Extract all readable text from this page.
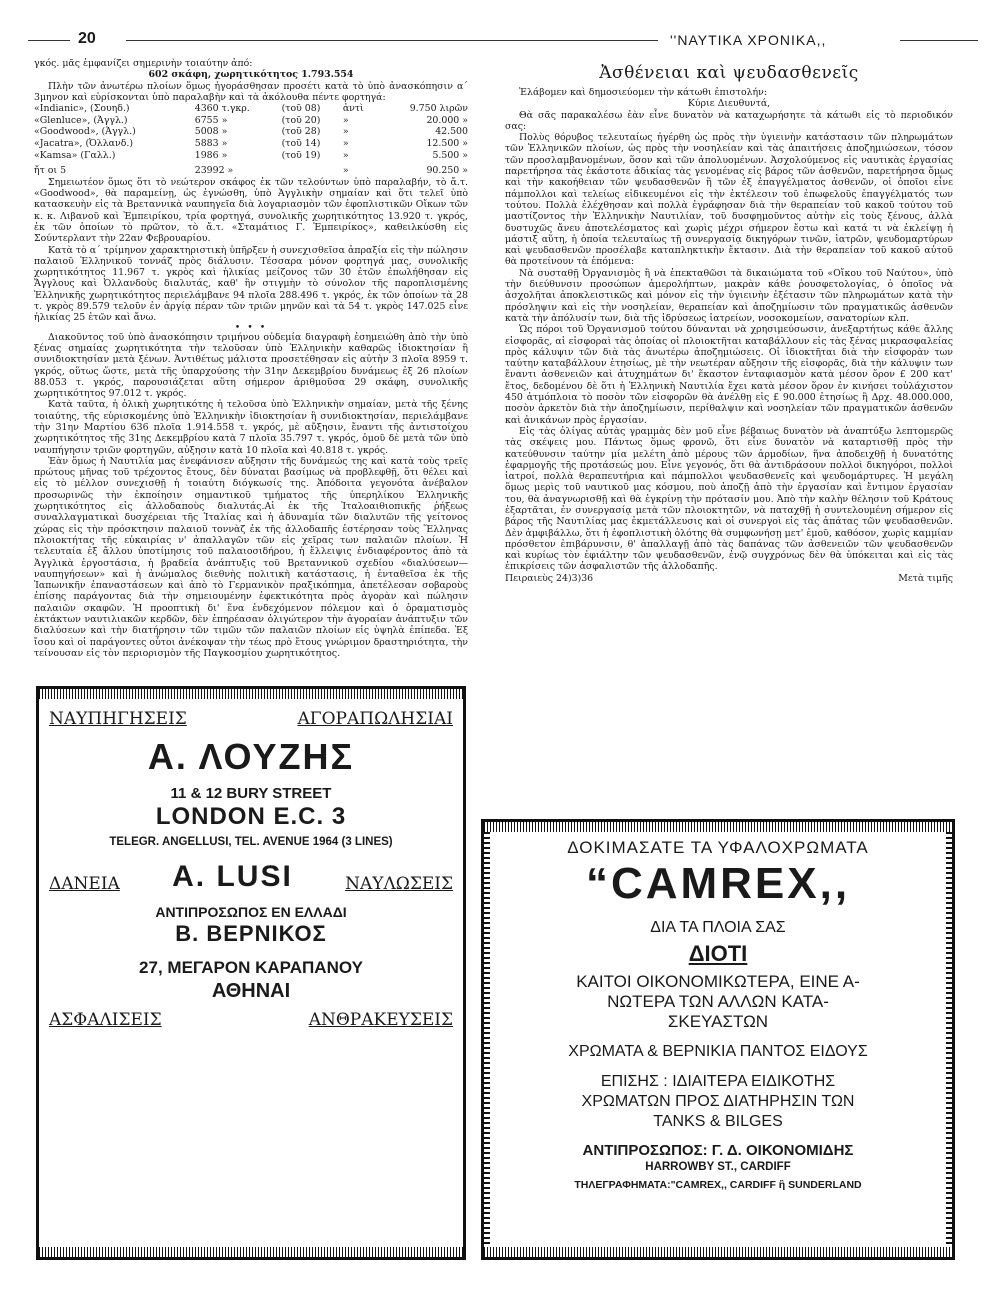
20	''ΝΑΥΤΙΚΑ ΧΡΟΝΙΚΑ,,
γκός. μᾶς ἐμφανίζει σημερινὴν τοιαύτην ἀπό:
602 σκάφη, χωρητικότητος 1.793.554

Πλὴν τῶν ἀνωτέρω πλοίων ὅμως ἠγοράσθησαν προσέτι κατὰ τὸ ὑπὸ ἀνασκόπησιν α΄ 3μηνον καὶ εὑρίσκονται ὑπὸ παραλαβὴν καὶ τὰ ἀκόλουθα πέντε φορτηγά:

«Indianic», (Σουηδ.)	4360 τ.γκρ.	(τοῦ 08)	ἀντὶ	9.750 λιρῶν
«Glenluce», (Ἀγγλ.)	6755 »	(τοῦ 20)	»	20.000 »
«Goodwood», (Ἀγγλ.)	5008 »	(τοῦ 28)	»	42.500
«Jacatra», (Ὀλλανδ.)	5883 »	(τοῦ 14)	»	12.500 »
«Kamsa» (Γαλλ.)	1986 »	(τοῦ 19)	»	5.500 »
ἤτ οι 5	23992 »		»	90.250 »

Σημειωτέον ὅμως ὅτι τὸ νεώτερον σκάφος ἐκ τῶν τελούντων ὑπὸ παραλαβήν, τὸ ἄ.τ. «Goodwood», θὰ παραμείνῃ, ὡς ἐγνώσθη, ὑπὸ Ἀγγλικὴν σημαίαν καὶ ὅτι τελεῖ ὑπὸ κατασκευὴν εἰς τὰ Βρεταννικὰ ναυπηγεῖα διὰ λογαριασμὸν τῶν ἐφοπλιστικῶν Οἴκων τῶν κ. κ. Λιβανοῦ καὶ Ἐμπειρίκου, τρία φορτηγά, συνολικῆς χωρητικότητος 13.920 τ. γκρός, ἐκ τῶν ὁποίων τὸ πρῶτον, τὸ ἄ.τ. «Σταμάτιος Γ. Ἐμπειρίκος», καθειλκύσθη εἰς Σούντερλαντ τὴν 22αν Φεβρουαρίου.

Κατὰ τὸ α΄ τρίμηνον χαρακτηριστικὴ ὑπῆρξεν ἡ συνεχισθεῖσα ἀπραξία εἰς τὴν πώλησιν παλαιοῦ Ἑλληνικοῦ τοννάζ πρὸς διάλυσιν. Τέσσαρα μόνον φορτηγά μας, συνολικῆς χωρητικότητος 11.967 τ. γκρὸς καὶ ἡλικίας μείζονος τῶν 30 ἐτῶν ἐπωλήθησαν εἰς Ἄγγλους καὶ Ὀλλανδοὺς διαλυτάς, καθ' ἣν στιγμὴν τὸ σύνολον τῆς παροπλισμένης Ἑλληνικῆς χωρητικότητος περιελάμβανε 94 πλοῖα 288.496 τ. γκρός, ἐκ τῶν ὁποίων τὰ 28 τ. γκρὸς 89.579 τελοῦν ἐν ἀργίᾳ πέραν τῶν τριῶν μηνῶν καὶ τὰ 54 τ. γκρὸς 147.025 εἶνε ἡλικίας 25 ἐτῶν καὶ ἄνω.

• • •

Διακοῦντος τοῦ ὑπὸ ἀνασκόπησιν τριμήνου οὐδεμία διαγραφὴ ἐσημειώθη ἀπὸ τὴν ὑπὸ ξένας σημαίας χωρητικότητα τὴν τελοῦσαν ὑπὸ Ἑλληνικὴν καθαρῶς ἰδιοκτησίαν ἢ συνιδιοκτησίαν μετὰ ξένων. Ἀντιθέτως μάλιστα προσετέθησαν εἰς αὐτὴν 3 πλοῖα 8959 τ. γκρός, οὕτως ὥστε, μετὰ τῆς ὑπαρχούσης τὴν 31ην Δεκεμβρίου δυνάμεως ἐξ 26 πλοίων 88.053 τ. γκρός, παρουσιάζεται αὕτη σήμερον ἀριθμοῦσα 29 σκάφη, συνολικῆς χωρητικότητος 97.012 τ. γκρός.

Κατὰ ταῦτα, ἡ ὁλικὴ χωρητικότης ἡ τελοῦσα ὑπὸ Ἑλληνικὴν σημαίαν, μετὰ τῆς ξένης τοιαύτης, τῆς εὑρισκομένης ὑπὸ Ἑλληνικὴν ἰδιοκτησίαν ἢ συνιδιοκτησίαν, περιελάμβανε τὴν 31ην Μαρτίου 636 πλοῖα 1.914.558 τ. γκρός, μὲ αὔξησιν, ἔναντι τῆς ἀντιστοίχου χωρητικότητος τῆς 31ης Δεκεμβρίου κατὰ 7 πλοῖα 35.797 τ. γκρός, ὁμοῦ δὲ μετὰ τῶν ὑπὸ ναυπήγησιν τριῶν φορτηγῶν, αὐξησιν κατὰ 10 πλοῖα καὶ 40.818 τ. γκρός.

Ἐὰν ὅμως ἡ Ναυτιλία μας ἐνεφάνισεν αὔξησιν τῆς δυνάμεώς της καὶ κατὰ τοὺς τρεῖς πρώτους μῆνας τοῦ τρέχοντος ἔτους, δὲν δύναται βασίμως νὰ προβλεφθῇ, ὅτι θέλει καὶ εἰς τὸ μέλλον συνεχισθῇ ἡ τοιαύτη διόγκωσίς της. Ἀπόδοιτα γεγονότα ἀνέβαλον προσωρινῶς τὴν ἐκποίησιν σημαντικοῦ τμήματος τῆς ὑπερηλίκου Ἑλληνικῆς χωρητικότητος εἰς ἀλλοδαποὺς διαλυτάς.Αἱ ἐκ τῆς Ἰταλοαιθιοπικῆς ῥήξεως συναλλαγματικαὶ δυσχέρειαι τῆς Ἰταλίας καὶ ἡ ἀδυναμία τῶν διαλυτῶν τῆς γείτονος χώρας εἰς τὴν πρόσκτησιν παλαιοῦ τοννὰζ ἐκ τῆς ἀλλοδαπῆς ἐστέρησαν τοὺς Ἕλληνας πλοιοκτήτας τῆς εὐκαιρίας ν' ἀπαλλαγῶν τῶν εἰς χεῖρας των παλαιῶν πλοίων. Ἡ τελευταία ἐξ ἄλλου ὑποτίμησις τοῦ παλαιοσιδήρου, ἡ ἔλλειψις ἐνδιαφέροντος ἀπὸ τὰ Ἀγγλικὰ ἐργοστάσια, ἡ βραδεία ἀνάπτυξις τοῦ Βρεταννικοῦ σχεδίου «διαλύσεων—ναυπηγήσεων» καὶ ἡ ἀνώμαλος διεθνὴς πολιτικὴ κατάστασις, ἡ ἐνταθεῖσα ἐκ τῆς Ἰαπωνικῆν ἐπαναστάσεων καὶ ἀπὸ τὸ Γερμανικὸν πραξικόπημα, ἀπετέλεσαν σοβαροὺς ἐπίσης παράγοντας διὰ τὴν σημειουμένην ἐφεκτικότητα πρὸς ἀγορὰν καὶ πώλησιν παλαιῶν σκαφῶν. Ἡ προοπτικὴ δι' ἕνα ἐνδεχόμενον πόλεμον καὶ ὁ ὀραματισμὸς ἐκτάκτων ναυτιλιακῶν κερδῶν, δὲν ἐπηρέασαν ὀλιγώτερον τὴν ἀγοραίαν ἀνάπτυξιν τῶν διαλύσεων καὶ τὴν διατήρησιν τῶν τιμῶν τῶν παλαιῶν πλοίων εἰς ὑψηλὰ ἐπίπεδα. Ἐξ ἴσου καὶ οἱ παράγοντες οὗτοι ἀνέκοψαν τὴν τέως πρὸ ἔτους γνώριμον δραστηριότητα, τὴν τείνουσαν εἰς τὸν περιορισμὸν τῆς Παγκοσμίου χωρητικότητος.

Ἀσθένειαι καὶ ψευδασθενεῖς

Ἐλάβομεν καὶ δημοσιεύομεν τὴν κάτωθι ἐπιστολήν:

Κύριε Διευθυντά,

Θὰ σᾶς παρακαλέσω ἐὰν εἶνε δυνατὸν νὰ καταχωρήσητε τὰ κάτωθι εἰς τὸ περιοδικόν σας:

Πολὺς θόρυβος τελευταίως ἠγέρθη ὡς πρὸς τὴν ὑγιεινὴν κατάστασιν τῶν πληρωμάτων τῶν Ἑλληνικῶν πλοίων, ὡς πρὸς τὴν νοσηλείαν καὶ τὰς ἀπαιτήσεις ἀποζημιώσεων, τόσον τῶν προσλαμβανομένων, ὅσον καὶ τῶν ἀπολυομένων. Ἀσχολούμενος εἰς ναυτικὰς ἐργασίας παρετήρησα τὰς ἑκάστοτε ἀδικίας τὰς γενομένας εἰς βάρος τῶν ἀσθενῶν, παρετήρησα ὅμως καὶ τὴν κακοήθειαν τῶν ψευδασθενῶν ἢ τῶν ἐξ ἐπαγγέλματος ἀσθενῶν, οἱ ὁποῖοι εἶνε πάμπολλοι καὶ τελείως εἰδικευμένοι εἰς τὴν ἐκτέλεσιν τοῦ ἐπωφελοῦς ἐπαγγέλματός των τούτου. Πολλὰ ἐλέχθησαν καὶ πολλὰ ἐγράφησαν διὰ τὴν θεραπείαν τοῦ κακοῦ τούτου τοῦ μαστίζοντος τὴν Ἑλληνικὴν Ναυτιλίαν, τοῦ δυσφημοῦντος αὐτὴν εἰς τοὺς ξένους, ἀλλὰ δυστυχῶς ἄνευ ἀποτελέσματος καὶ χωρὶς μέχρι σήμερον ἔστω καὶ κατά τι νὰ ἐκλείψῃ ἡ μάστιξ αὕτη, ἡ ὁποία τελευταίως τῇ συνεργασίᾳ δικηγόρων τινῶν, ἰατρῶν, ψευδομαρτύρων καὶ ψευδασθενῶν προσέλαβε καταπληκτικὴν ἔκτασιν. Διὰ τὴν θεραπείαν τοῦ κακοῦ αὐτοῦ θὰ προτείνουν τὰ ἑπόμενα:

Νὰ συσταθῇ Ὀργανισμὸς ἢ νὰ ἐπεκταθῶσι τὰ δικαιώματα τοῦ «Οἴκου τοῦ Ναύτου», ὑπὸ τὴν διεύθυνσιν προσώπων ἀμερολήπτων, μακρὰν κάθε ῥουσφετολογίας, ὁ ὁποῖος νὰ ἀσχολῆται ἀποκλειστικῶς καὶ μόνον εἰς τὴν ὑγιεινὴν ἐξέτασιν τῶν πληρωμάτων κατὰ τὴν πρόσληψιν καὶ εἰς τὴν νοσηλείαν, θεραπείαν καὶ ἀποζημίωσιν τῶν πραγματικῶς ἀσθενῶν κατὰ τὴν ἀπόλυσίν των, διὰ τῆς ἱδρύσεως ἰατρείων, νοσοκομείων, σανατορίων κλπ.

Ὡς πόροι τοῦ Ὀργανισμοῦ τούτου δύνανται νὰ χρησιμεύσωσιν, ἀνεξαρτήτως κάθε ἄλλης εἰσφορᾶς, αἱ εἰσφοραὶ τὰς ὁποίας οἱ πλοιοκτῆται καταβάλλουν εἰς τὰς ξένας μικρασφαλείας πρὸς κάλυψιν τῶν διὰ τὰς ἀνωτέρω ἀποζημιώσεις. Οἱ ἰδιοκτῆται διὰ τὴν εἰσφορὰν των ταύτην καταβάλλουν ἐτησίως, μὲ τὴν νεωτέραν αὔξησιν τῆς εἰσφορᾶς, διὰ τὴν κάλυψιν των ἔναντι ἀσθενειῶν καὶ ἀτυχημάτων δι' ἕκαστον ἐνταφιασμὸν κατὰ μέσον ὅρον £ 200 κατ' ἔτος, δεδομένου δὲ ὅτι ἡ Ἑλληνικὴ Ναυτιλία ἔχει κατὰ μέσον ὅρον ἐν κινήσει τοὐλάχιστον 450 ἀτμόπλοια τὸ ποσὸν τῶν εἰσφορῶν θὰ ἀνέλθῃ εἰς £ 90.000 ἐτησίως ἢ Δρχ. 48.000.000, ποσὸν ἀρκετὸν διὰ τὴν ἀποζημίωσιν, περίθαλψιν καὶ νοσηλείαν τῶν πραγματικῶν ἀσθενῶν καὶ ἀνικάνων πρὸς ἐργασίαν.

Εἰς τὰς ὀλίγας αὐτὰς γραμμὰς δὲν μοῦ εἶνε βέβαιως δυνατὸν νὰ ἀναπτύξω λεπτομερῶς τὰς σκέψεις μου. Πάντως ὅμως φρονῶ, ὅτι εἶνε δυνατὸν νὰ καταρτισθῇ πρὸς τὴν κατεύθυνσιν ταύτην μία μελέτη ἀπὸ μέρους τῶν ἁρμοδίων, ἥνα ἀποδειχθῇ ἡ δυνατότης ἐφαρμογῆς τῆς προτάσεώς μου. Εἶνε γεγονός, ὅτι θὰ ἀντιδράσουν πολλοὶ δικηγόροι, πολλοὶ ἰατροί, πολλὰ θεραπευτήρια καὶ πάμπολλοι ψευδασθενεῖς καὶ ψευδομάρτυρες. Ἡ μεγάλη ὅμως μερὶς τοῦ ναυτικοῦ μας κόσμου, ποὺ ἀποζῇ ἀπὸ τὴν ἐργασίαν καὶ ἔντιμον ἐργασίαν του, θὰ ἀναγνωρισθῇ καὶ θὰ ἐγκρίνῃ τὴν πρότασίν μου. Ἀπὸ τὴν καλὴν θέλησιν τοῦ Κράτους ἐξαρτᾶται, ἐν συνεργασίᾳ μετὰ τῶν πλοιοκτητῶν, νὰ παταχθῇ ἡ συντελουμένη σήμερον εἰς βάρος τῆς Ναυτιλίας μας ἐκμετάλλευσις καὶ οἱ συνεργοὶ εἰς τὰς ἀπάτας τῶν ψευδασθενῶν. Δὲν ἀμφιβάλλω, ὅτι ἡ ἐφοπλιστικὴ ὁλότης θὰ συμφωνήσῃ μετ' ἐμοῦ, καθόσον, χωρὶς καμμίαν πρόσθετον ἐπιβάρυνσιν, θ' ἀπαλλαγῇ ἀπὸ τὰς δαπάνας τῶν ἀσθενειῶν τῶν ψευδασθενῶν καὶ κυρίως τὸν ἐφιάλτην τῶν ψευδασθενῶν, ἐνῷ συγχρόνως δὲν θὰ ὑπόκειται καὶ εἰς τὰς ἐπικρίσεις τῶν ἀσφαλιστῶν τῆς ἀλλοδαπῆς.

Πειραιεὺς 24)3)36	Μετὰ τιμῆς
ΝΑΥΠΗΓΗΣΕΙΣ	ΑΓΟΡΑΠΩΛΗΣΙΑΙ
Α. ΛΟΥΖΗΣ
11 & 12 BURY STREET
LONDON E.C. 3
TELEGR. ANGELLUSI, TEL. AVENUE 1964 (3 LINES)
ΔΑΝΕΙΑ A. LUSI	ΝΑΥΛΩΣΕΙΣ
ΑΝΤΙΠΡΟΣΩΠΟΣ ΕΝ ΕΛΛΑΔΙ
Β. ΒΕΡΝΙΚΟΣ
27, ΜΕΓΑΡΟΝ ΚΑΡΑΠΑΝΟΥ
ΑΘΗΝΑΙ
ΑΣΦΑΛΙΣΕΙΣ	ΑΝΘΡΑΚΕΥΣΕΙΣ
ΔΟΚΙΜΑΣΑΤΕ ΤΑ ΥΦΑΛΟΧΡΩΜΑΤΑ
“CAMREX,,
ΔΙΑ ΤΑ ΠΛΟΙΑ ΣΑΣ
ΔΙΟΤΙ
ΚΑΙΤΟΙ ΟΙΚΟΝΟΜΙΚΩΤΕΡΑ, ΕΙΝΕ Α-
ΝΩΤΕΡΑ ΤΩΝ ΑΛΛΩΝ ΚΑΤΑ-
ΣΚΕΥΑΣΤΩΝ
ΧΡΩΜΑΤΑ & ΒΕΡΝΙΚΙΑ ΠΑΝΤΟΣ ΕΙΔΟΥΣ
ΕΠΙΣΗΣ : ΙΔΙΑΙΤΕΡΑ ΕΙΔΙΚΟΤΗΣ
ΧΡΩΜΑΤΩΝ ΠΡΟΣ ΔΙΑΤΗΡΗΣΙΝ ΤΩΝ
TANKS & BILGES
ΑΝΤΙΠΡΟΣΩΠΟΣ: Γ. Δ. ΟΙΚΟΝΟΜΙΔΗΣ
HARROWBY ST., CARDIFF
ΤΗΛΕΓΡΑΦΗΜΑΤΑ:"CAMREX,, CARDIFF ἢ SUNDERLAND
